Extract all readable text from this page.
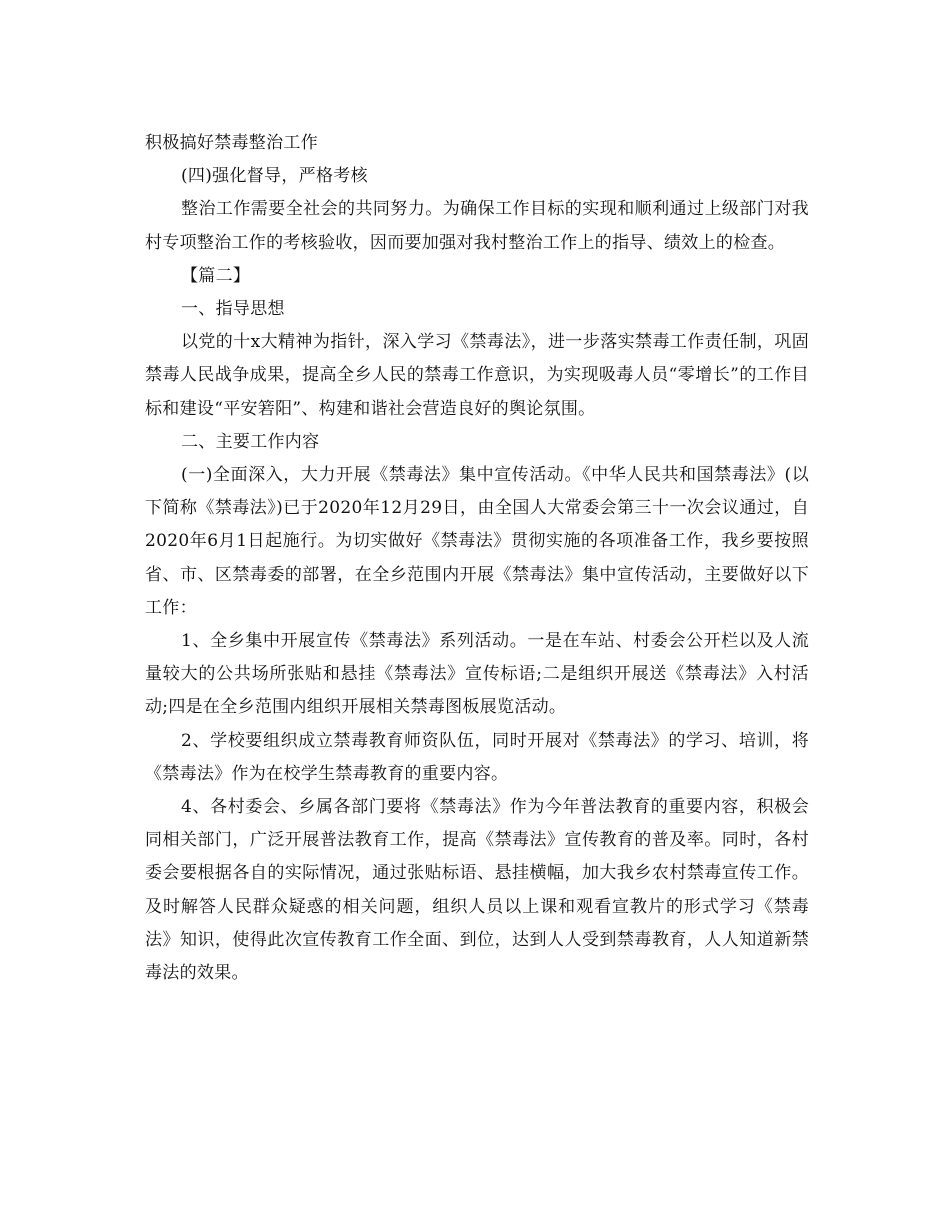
积极搞好禁毒整治工作

(四)强化督导，严格考核

整治工作需要全社会的共同努力。为确保工作目标的实现和顺利通过上级部门对我村专项整治工作的考核验收，因而要加强对我村整治工作上的指导、绩效上的检查。

【篇二】

一、指导思想

以党的十x大精神为指针，深入学习《禁毒法》，进一步落实禁毒工作责任制，巩固禁毒人民战争成果，提高全乡人民的禁毒工作意识，为实现吸毒人员“零增长”的工作目标和建设“平安箬阳”、构建和谐社会营造良好的舆论氛围。

二、主要工作内容

(一)全面深入，大力开展《禁毒法》集中宣传活动。《中华人民共和国禁毒法》(以下简称《禁毒法》)已于2020年12月29日，由全国人大常委会第三十一次会议通过，自2020年6月1日起施行。为切实做好《禁毒法》贯彻实施的各项准备工作，我乡要按照省、市、区禁毒委的部署，在全乡范围内开展《禁毒法》集中宣传活动，主要做好以下工作：

1、全乡集中开展宣传《禁毒法》系列活动。一是在车站、村委会公开栏以及人流量较大的公共场所张贴和悬挂《禁毒法》宣传标语;二是组织开展送《禁毒法》入村活动;四是在全乡范围内组织开展相关禁毒图板展览活动。

2、学校要组织成立禁毒教育师资队伍，同时开展对《禁毒法》的学习、培训，将《禁毒法》作为在校学生禁毒教育的重要内容。

4、各村委会、乡属各部门要将《禁毒法》作为今年普法教育的重要内容，积极会同相关部门，广泛开展普法教育工作，提高《禁毒法》宣传教育的普及率。同时，各村委会要根据各自的实际情况，通过张贴标语、悬挂横幅，加大我乡农村禁毒宣传工作。及时解答人民群众疑惑的相关问题，组织人员以上课和观看宣教片的形式学习《禁毒法》知识，使得此次宣传教育工作全面、到位，达到人人受到禁毒教育，人人知道新禁毒法的效果。
